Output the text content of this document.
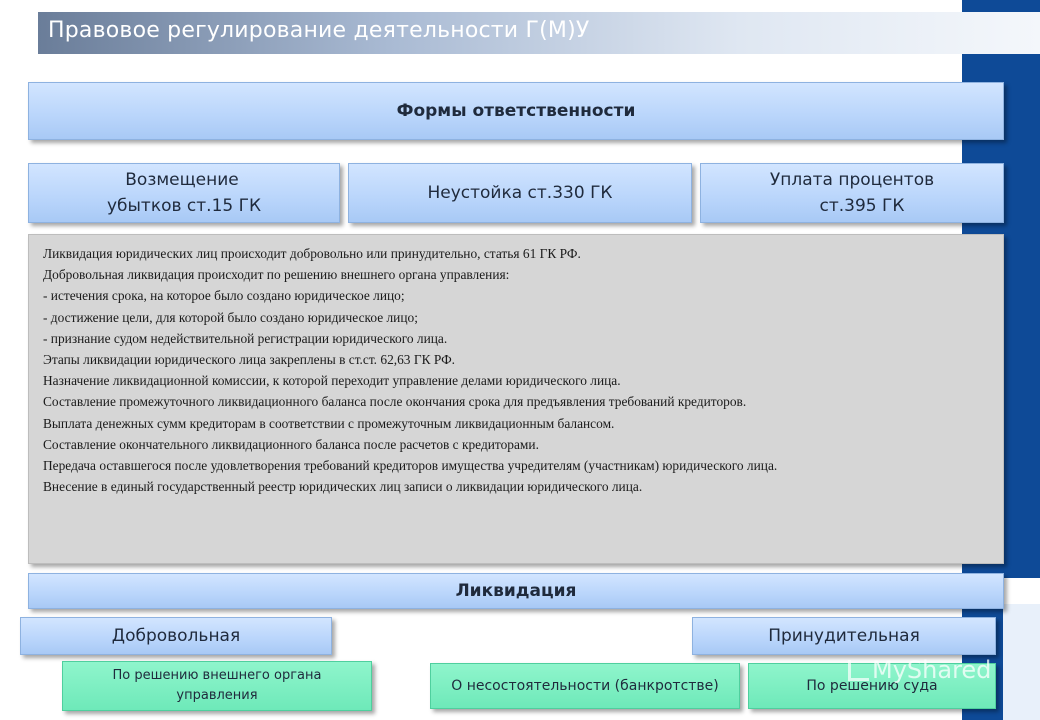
Правовое регулирование деятельности Г(М)У
Формы ответственности
Возмещение
убытков ст.15 ГК
Неустойка ст.330 ГК
Уплата процентов
ст.395 ГК

Ликвидация юридических лиц происходит добровольно или принудительно, статья 61 ГК РФ.

Добровольная ликвидация происходит по решению внешнего органа управления:

- истечения срока, на которое было создано юридическое лицо;

- достижение цели, для которой было создано юридическое лицо;

- признание судом недействительной регистрации юридического лица.

Этапы ликвидации юридического лица закреплены в ст.ст. 62,63 ГК РФ.

Назначение ликвидационной комиссии, к которой переходит управление делами юридического лица.

Составление промежуточного ликвидационного баланса после окончания срока для предъявления требований кредиторов.

Выплата денежных сумм кредиторам в соответствии с промежуточным ликвидационным балансом.

Составление окончательного ликвидационного баланса после расчетов с кредиторами.

Передача оставшегося после удовлетворения требований кредиторов имущества учредителям (участникам) юридического лица.

Внесение в единый государственный реестр юридических лиц записи о ликвидации юридического лица.

Ликвидация
Добровольная	Принудительная
По решению внешнего органа
управления
О несостоятельности (банкротстве)	По решению суда
MyShared
